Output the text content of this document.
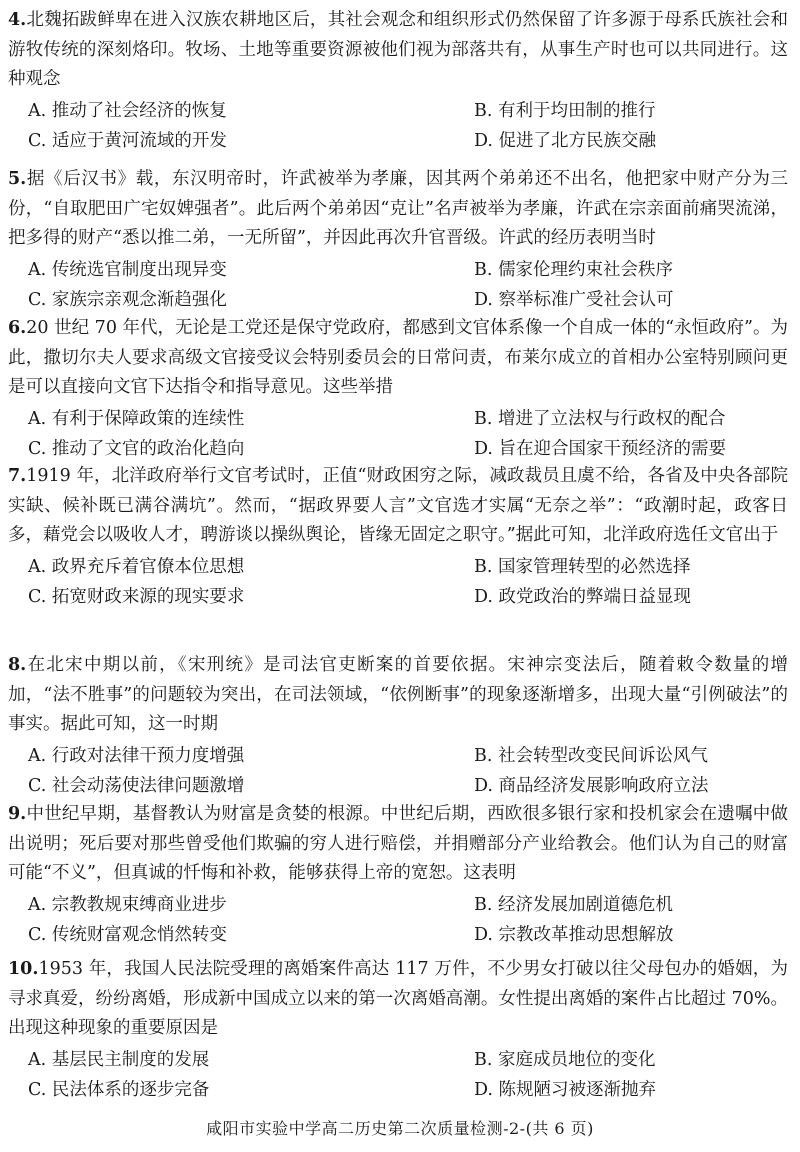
4.北魏拓跋鲜卑在进入汉族农耕地区后，其社会观念和组织形式仍然保留了许多源于母系氏族社会和游牧传统的深刻烙印。牧场、土地等重要资源被他们视为部落共有，从事生产时也可以共同进行。这种观念

A. 推动了社会经济的恢复	B. 有利于均田制的推行
C. 适应于黄河流域的开发	D. 促进了北方民族交融

5.据《后汉书》载，东汉明帝时，许武被举为孝廉，因其两个弟弟还不出名，他把家中财产分为三份，“自取肥田广宅奴婢强者”。此后两个弟弟因“克让”名声被举为孝廉，许武在宗亲面前痛哭流涕，把多得的财产“悉以推二弟，一无所留”，并因此再次升官晋级。许武的经历表明当时

A. 传统选官制度出现异变	B. 儒家伦理约束社会秩序
C. 家族宗亲观念渐趋强化	D. 察举标准广受社会认可

6.20 世纪 70 年代，无论是工党还是保守党政府，都感到文官体系像一个自成一体的“永恒政府”。为此，撒切尔夫人要求高级文官接受议会特别委员会的日常问责，布莱尔成立的首相办公室特别顾问更是可以直接向文官下达指令和指导意见。这些举措

A. 有利于保障政策的连续性	B. 增进了立法权与行政权的配合
C. 推动了文官的政治化趋向	D. 旨在迎合国家干预经济的需要

7.1919 年，北洋政府举行文官考试时，正值“财政困穷之际，减政裁员且虞不给，各省及中央各部院实缺、候补既已满谷满坑”。然而，“据政界要人言”文官选才实属“无奈之举”：“政潮时起，政客日多，藉党会以吸收人才，聘游谈以操纵舆论，皆缘无固定之职守。”据此可知，北洋政府选任文官出于

A. 政界充斥着官僚本位思想	B. 国家管理转型的必然选择
C. 拓宽财政来源的现实要求	D. 政党政治的弊端日益显现

8.在北宋中期以前，《宋刑统》是司法官吏断案的首要依据。宋神宗变法后，随着敕令数量的增加，“法不胜事”的问题较为突出，在司法领域，“依例断事”的现象逐渐增多，出现大量“引例破法”的事实。据此可知，这一时期

A. 行政对法律干预力度增强	B. 社会转型改变民间诉讼风气
C. 社会动荡使法律问题激增	D. 商品经济发展影响政府立法

9.中世纪早期，基督教认为财富是贪婪的根源。中世纪后期，西欧很多银行家和投机家会在遗嘱中做出说明；死后要对那些曾受他们欺骗的穷人进行赔偿，并捐赠部分产业给教会。他们认为自己的财富可能“不义”，但真诚的忏悔和补救，能够获得上帝的宽恕。这表明

A. 宗教教规束缚商业进步	B. 经济发展加剧道德危机
C. 传统财富观念悄然转变	D. 宗教改革推动思想解放

10.1953 年，我国人民法院受理的离婚案件高达 117 万件，不少男女打破以往父母包办的婚姻，为寻求真爱，纷纷离婚，形成新中国成立以来的第一次离婚高潮。女性提出离婚的案件占比超过 70%。出现这种现象的重要原因是

A. 基层民主制度的发展	B. 家庭成员地位的变化
C. 民法体系的逐步完备	D. 陈规陋习被逐渐抛弃
咸阳市实验中学高二历史第二次质量检测-2-(共 6 页)
